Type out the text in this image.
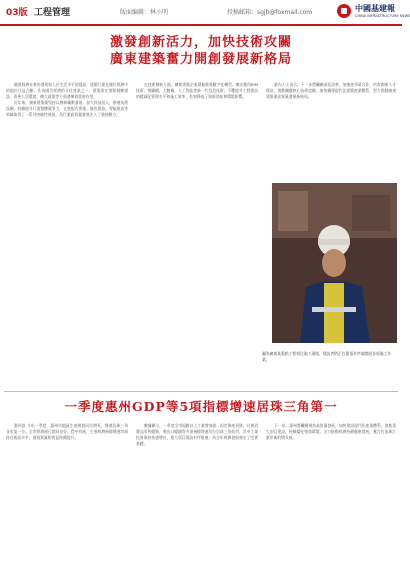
03版 工程管理	版面编辑：林小明	投稿邮箱：sgjb@foxmail.com	中國基建報
CHINA INFRASTRUCTURE NEWS
激發創新活力，加快技術攻關
廣東建築奮力開創發展新格局

隨着經濟社會的發展與人民生活水平的提高，建築行業在國民經濟中的地位日益凸顯。作為國民經濟的支柱產業之一，建築業在推動城鄉建設、改善人居環境、擴大就業等方面發揮着重要作用。

近年來，廣東建築業堅持以創新驅動發展，加大科技投入，推進技術攻關，持續提升行業整體競爭力，在裝配式建築、綠色建造、智能建造等領域取得了一系列突破性進展，為行業高質量發展注入了強勁動力。

在技術創新方面，廣東建築企業積極推進數字化轉型，廣泛應用BIM技術、物聯網、大數據、人工智能等新一代信息技術，不斷提升工程建設的精細化管理水平和施工效率，有效降低了資源消耗和環境影響。

業內人士表示，下一步將繼續深化改革，加強產學研合作，培育創新人才隊伍，推動關鍵核心技術攻關，加快構建現代化建築產業體系，努力開創廣東建築業高質量發展新格局。

圖為廣東某重點工程項目施工現場，建設者們正在緊張有序地開展各項施工作業。
一季度惠州GDP等5項指標增速居珠三角第一

惠州訊 今年一季度，惠州市地區生產總值同比增長，增速居珠三角各市第一位。全市經濟運行開局良好，穩中有進，主要經濟指標增速均保持在較高水平，發展質量和效益持續提升。

數據顯示，一季度全市規模以上工業增加值、固定資產投資、社會消費品零售總額、進出口總額等多項指標增速均位居珠三角前列，其中工業投資保持快速增長，重大項目建設有序推進，為全年經濟發展奠定了堅實基礎。

下一步，惠州將繼續聚焦高質量發展，加快建設現代化產業體系，推進重大項目建設，持續優化營商環境，全力推動經濟持續健康發展，奮力打造珠江東岸新的增長極。
